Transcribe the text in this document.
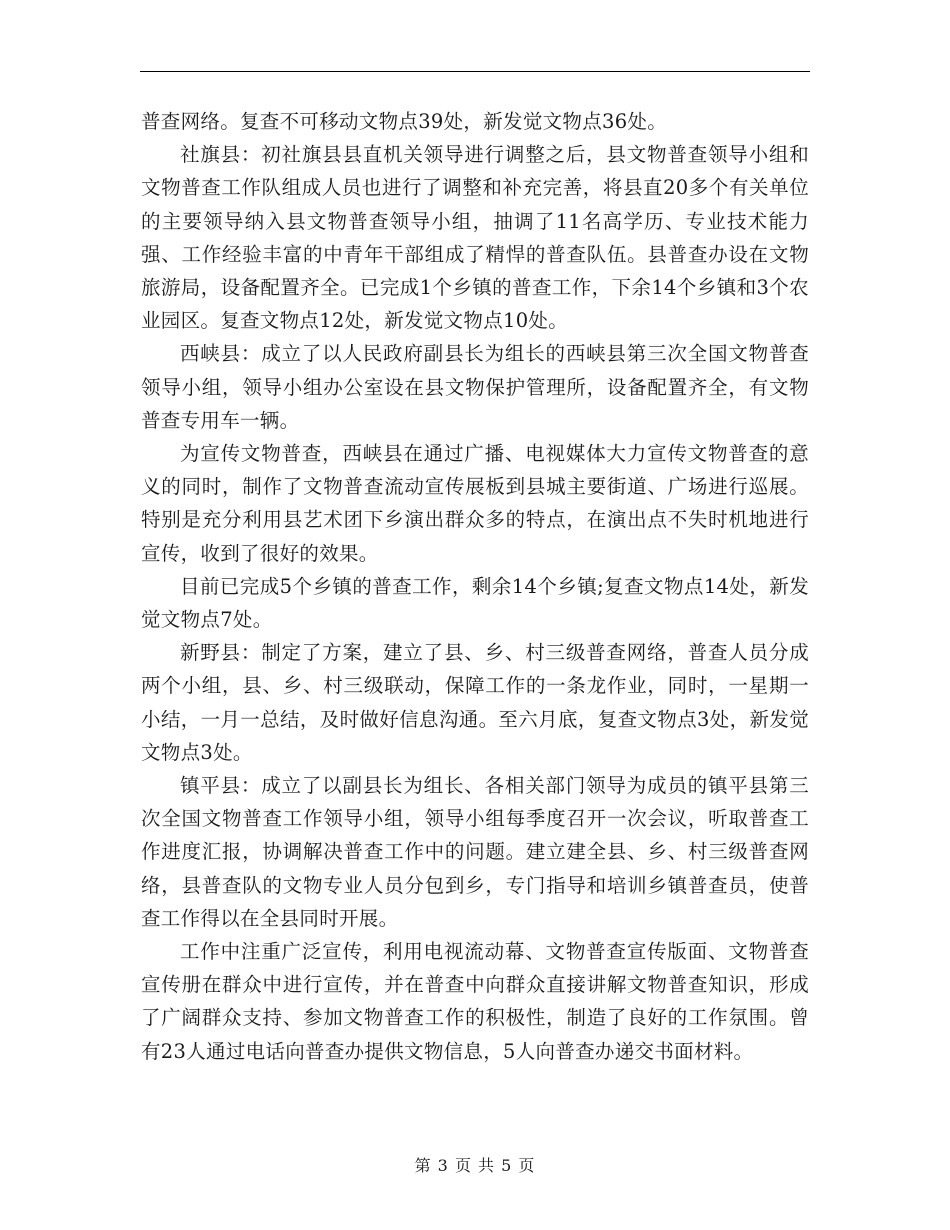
普查网络。复查不可移动文物点39处，新发觉文物点36处。

社旗县：初社旗县县直机关领导进行调整之后，县文物普查领导小组和文物普查工作队组成人员也进行了调整和补充完善，将县直20多个有关单位的主要领导纳入县文物普查领导小组，抽调了11名高学历、专业技术能力强、工作经验丰富的中青年干部组成了精悍的普查队伍。县普查办设在文物旅游局，设备配置齐全。已完成1个乡镇的普查工作，下余14个乡镇和3个农业园区。复查文物点12处，新发觉文物点10处。

西峡县：成立了以人民政府副县长为组长的西峡县第三次全国文物普查领导小组，领导小组办公室设在县文物保护管理所，设备配置齐全，有文物普查专用车一辆。

为宣传文物普查，西峡县在通过广播、电视媒体大力宣传文物普查的意义的同时，制作了文物普查流动宣传展板到县城主要街道、广场进行巡展。特别是充分利用县艺术团下乡演出群众多的特点，在演出点不失时机地进行宣传，收到了很好的效果。

目前已完成5个乡镇的普查工作，剩余14个乡镇;复查文物点14处，新发觉文物点7处。

新野县：制定了方案，建立了县、乡、村三级普查网络，普查人员分成两个小组，县、乡、村三级联动，保障工作的一条龙作业，同时，一星期一小结，一月一总结，及时做好信息沟通。至六月底，复查文物点3处，新发觉文物点3处。

镇平县：成立了以副县长为组长、各相关部门领导为成员的镇平县第三次全国文物普查工作领导小组，领导小组每季度召开一次会议，听取普查工作进度汇报，协调解决普查工作中的问题。建立建全县、乡、村三级普查网络，县普查队的文物专业人员分包到乡，专门指导和培训乡镇普查员，使普查工作得以在全县同时开展。

工作中注重广泛宣传，利用电视流动幕、文物普查宣传版面、文物普查宣传册在群众中进行宣传，并在普查中向群众直接讲解文物普查知识，形成了广阔群众支持、参加文物普查工作的积极性，制造了良好的工作氛围。曾有23人通过电话向普查办提供文物信息，5人向普查办递交书面材料。

第 3 页 共 5 页
